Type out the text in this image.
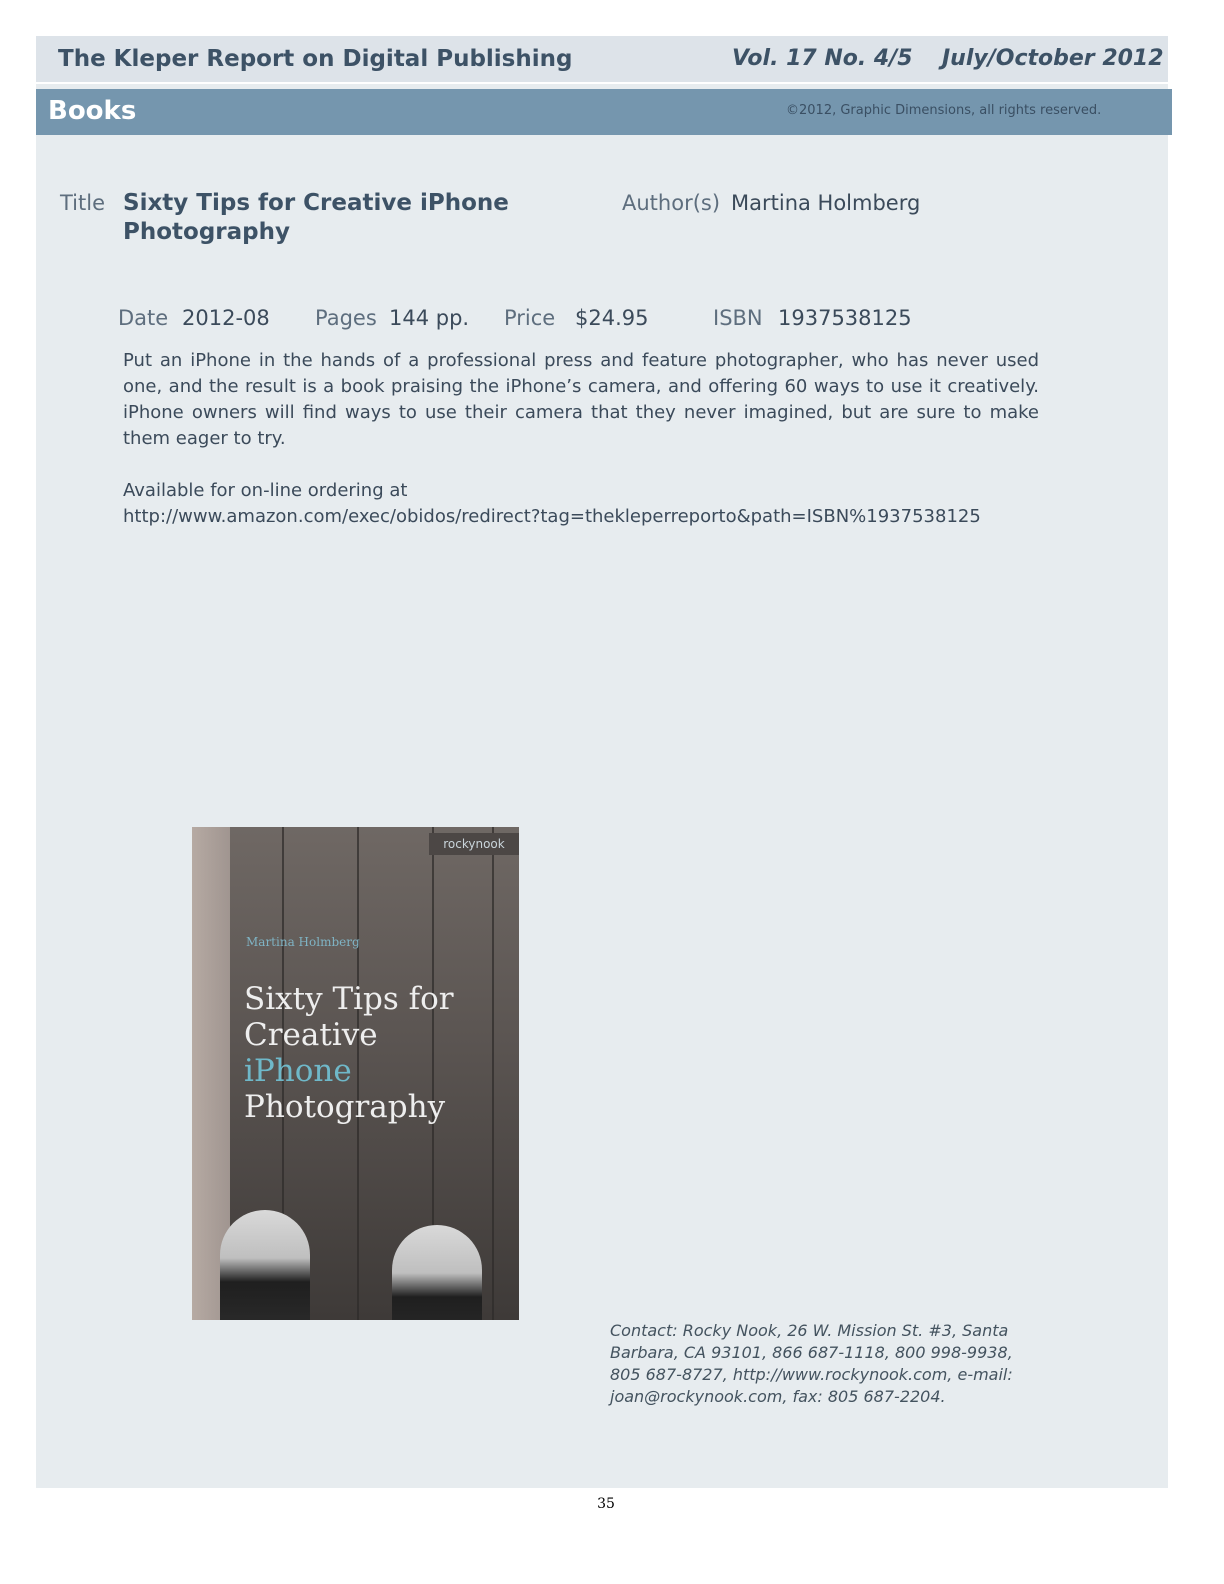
The Kleper Report on Digital Publishing	Vol. 17 No. 4/5 July/October 2012
Books	©2012, Graphic Dimensions, all rights reserved.
Title Sixty Tips for Creative iPhone Photography
Author(s) Martina Holmberg
Date 2012-08 Pages 144 pp. Price $24.95	ISBN 1937538125
Put an iPhone in the hands of a professional press and feature photographer, who has never used one, and the result is a book praising the iPhone’s camera, and offering 60 ways to use it creatively. iPhone owners will find ways to use their camera that they never imagined, but are sure to make them eager to try.
Available for on-line ordering at
http://www.amazon.com/exec/obidos/redirect?tag=thekleperreporto&path=ISBN%1937538125
rockynook
Martina Holmberg
Sixty Tips for
Creative
iPhone
Photography
Contact: Rocky Nook, 26 W. Mission St. #3, Santa Barbara, CA 93101, 866 687-1118, 800 998-9938, 805 687-8727, http://www.rockynook.com, e-mail: joan@rockynook.com, fax: 805 687-2204.
35
